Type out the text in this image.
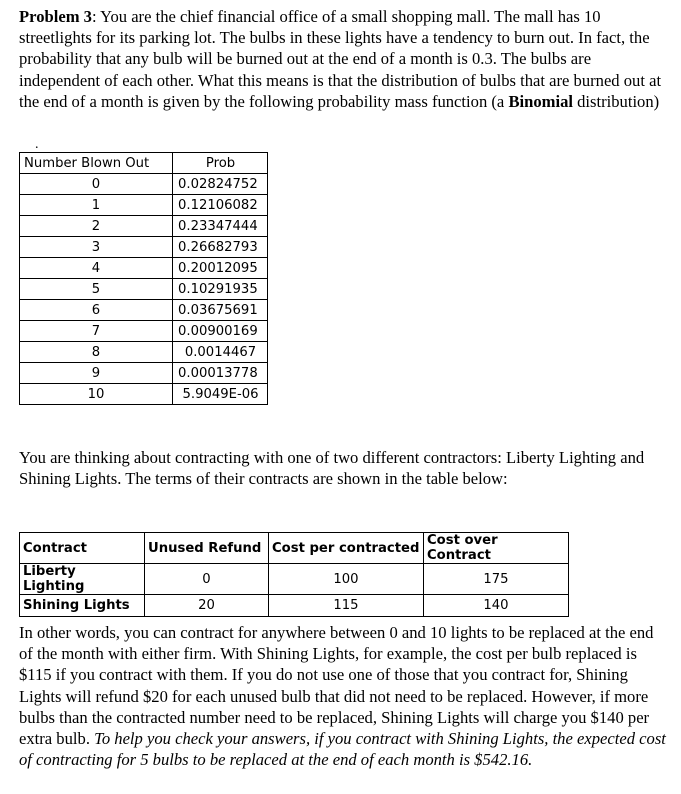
Problem 3: You are the chief financial office of a small shopping mall. The mall has 10 streetlights for its parking lot. The bulbs in these lights have a tendency to burn out. In fact, the probability that any bulb will be burned out at the end of a month is 0.3. The bulbs are independent of each other. What this means is that the distribution of bulbs that are burned out at the end of a month is given by the following probability mass function (a Binomial distribution)
.
Number Blown Out	Prob
0	0.02824752
1	0.12106082
2	0.23347444
3	0.26682793
4	0.20012095
5	0.10291935
6	0.03675691
7	0.00900169
8	0.0014467
9	0.00013778
10	5.9049E-06
You are thinking about contracting with one of two different contractors: Liberty Lighting and Shining Lights. The terms of their contracts are shown in the table below:
Contract	Unused Refund	Cost per contracted	Cost over Contract
Liberty Lighting	0	100	175
Shining Lights	20	115	140
In other words, you can contract for anywhere between 0 and 10 lights to be replaced at the end of the month with either firm. With Shining Lights, for example, the cost per bulb replaced is $115 if you contract with them. If you do not use one of those that you contract for, Shining Lights will refund $20 for each unused bulb that did not need to be replaced. However, if more bulbs than the contracted number need to be replaced, Shining Lights will charge you $140 per extra bulb. To help you check your answers, if you contract with Shining Lights, the expected cost of contracting for 5 bulbs to be replaced at the end of each month is $542.16.
